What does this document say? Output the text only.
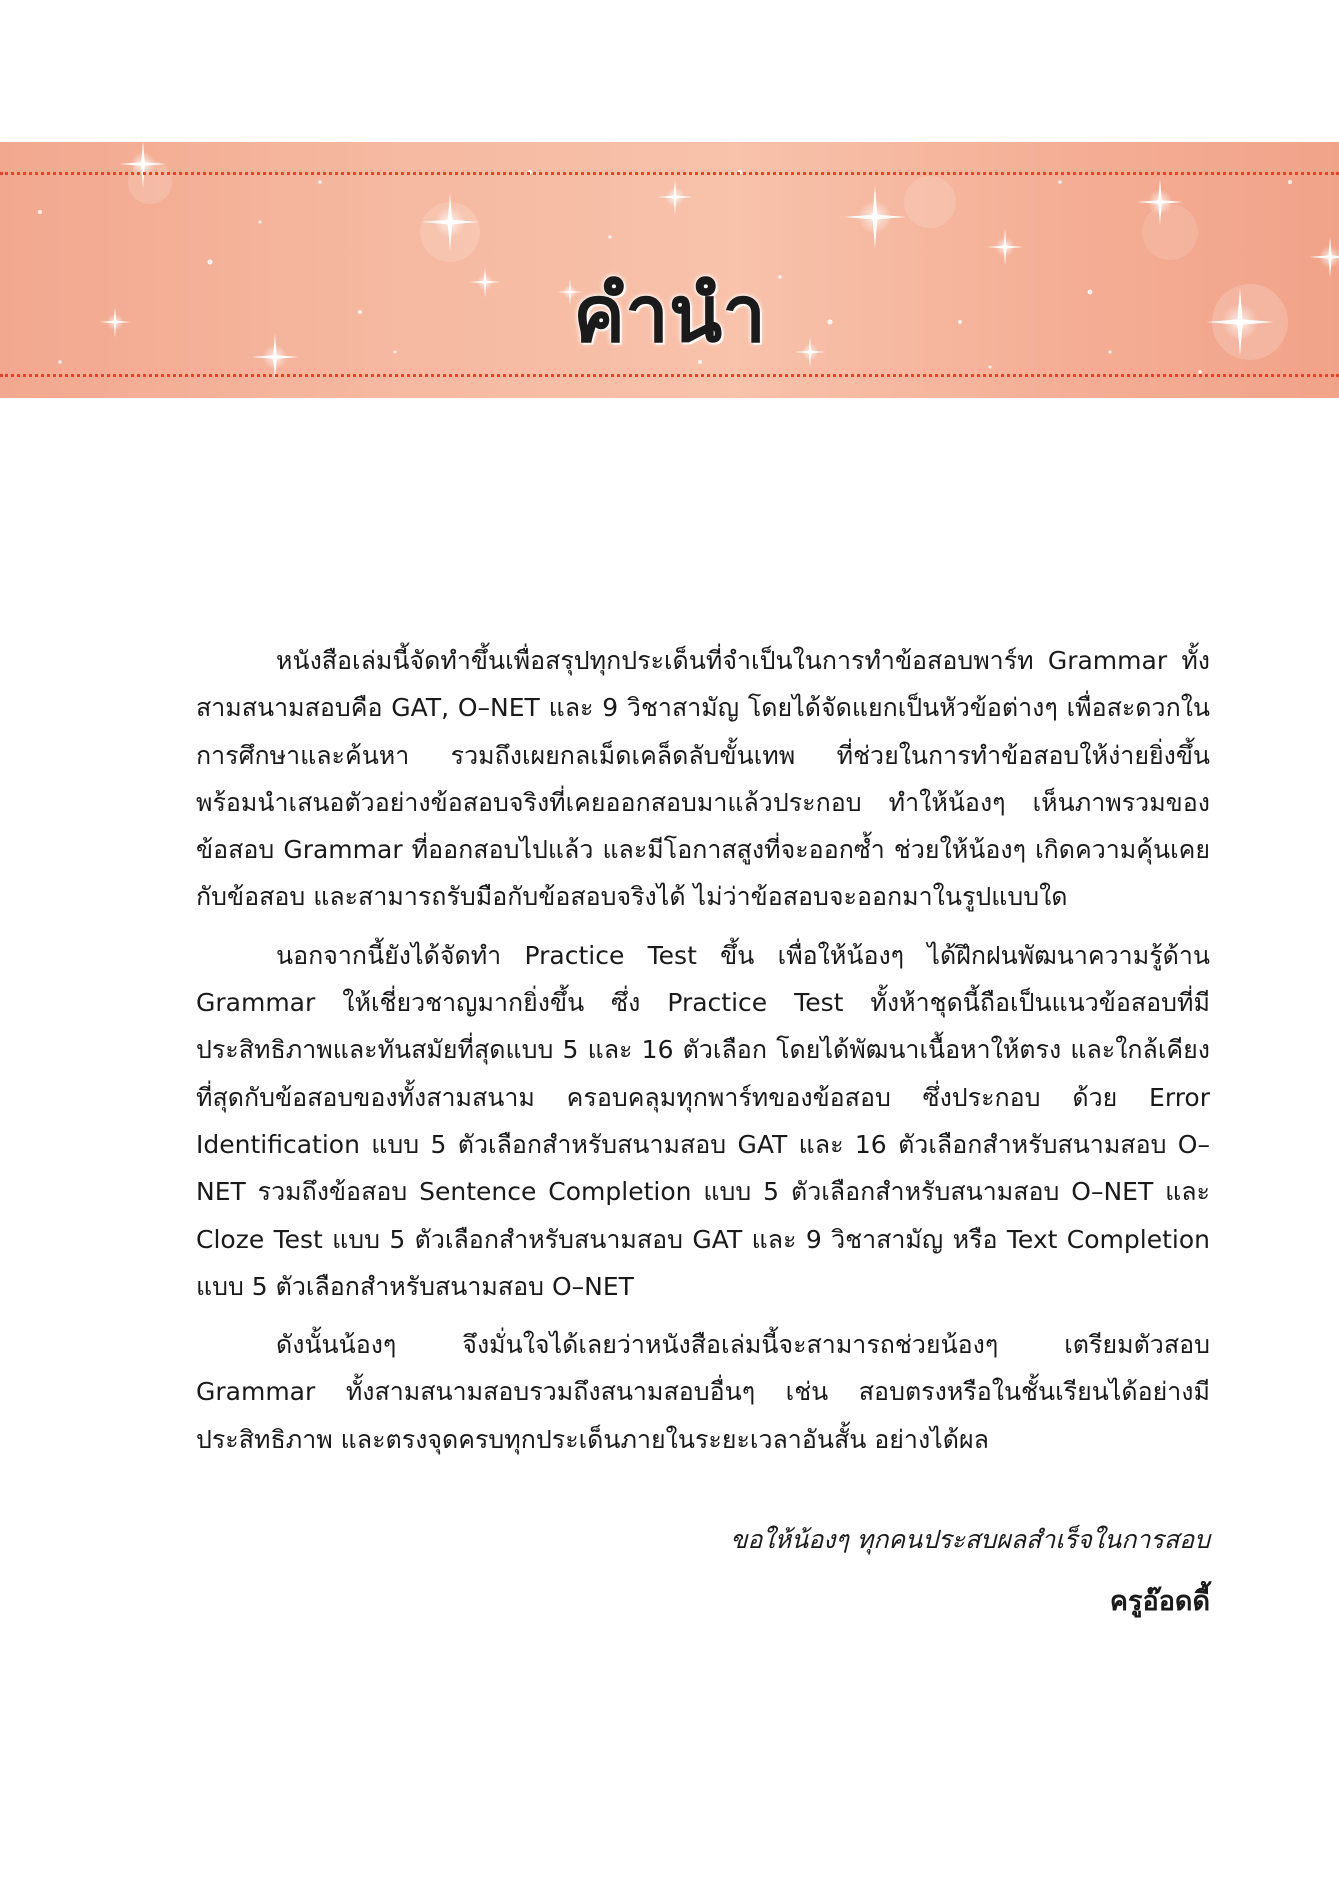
คำนำ

หนังสือเล่มนี้จัดทำขึ้นเพื่อสรุปทุกประเด็นที่จำเป็นในการทำข้อสอบพาร์ท Grammar ทั้งสามสนามสอบคือ GAT, O–NET และ 9 วิชาสามัญ โดยได้จัดแยกเป็นหัวข้อต่างๆ เพื่อสะดวกในการศึกษาและค้นหา รวมถึงเผยกลเม็ดเคล็ดลับขั้นเทพ ที่ช่วยในการทำข้อสอบให้ง่ายยิ่งขึ้น พร้อมนำเสนอตัวอย่างข้อสอบจริงที่เคยออกสอบมาแล้วประกอบ ทำให้น้องๆ เห็นภาพรวมของข้อสอบ Grammar ที่ออกสอบไปแล้ว และมีโอกาสสูงที่จะออกซ้ำ ช่วยให้น้องๆ เกิดความคุ้นเคยกับข้อสอบ และสามารถรับมือกับข้อสอบจริงได้ ไม่ว่าข้อสอบจะออกมาในรูปแบบใด

นอกจากนี้ยังได้จัดทำ Practice Test ขึ้น เพื่อให้น้องๆ ได้ฝึกฝนพัฒนาความรู้ด้าน Grammar ให้เชี่ยวชาญมากยิ่งขึ้น ซึ่ง Practice Test ทั้งห้าชุดนี้ถือเป็นแนวข้อสอบที่มีประสิทธิภาพและทันสมัยที่สุดแบบ 5 และ 16 ตัวเลือก โดยได้พัฒนาเนื้อหาให้ตรง และใกล้เคียงที่สุดกับข้อสอบของทั้งสามสนาม ครอบคลุมทุกพาร์ทของข้อสอบ ซึ่งประกอบ ด้วย Error Identification แบบ 5 ตัวเลือกสำหรับสนามสอบ GAT และ 16 ตัวเลือกสำหรับสนามสอบ O–NET รวมถึงข้อสอบ Sentence Completion แบบ 5 ตัวเลือกสำหรับสนามสอบ O–NET และ Cloze Test แบบ 5 ตัวเลือกสำหรับสนามสอบ GAT และ 9 วิชาสามัญ หรือ Text Completion แบบ 5 ตัวเลือกสำหรับสนามสอบ O–NET

ดังนั้นน้องๆ จึงมั่นใจได้เลยว่าหนังสือเล่มนี้จะสามารถช่วยน้องๆ เตรียมตัวสอบ Grammar ทั้งสามสนามสอบรวมถึงสนามสอบอื่นๆ เช่น สอบตรงหรือในชั้นเรียนได้อย่างมีประสิทธิภาพ และตรงจุดครบทุกประเด็นภายในระยะเวลาอันสั้น อย่างได้ผล

ขอให้น้องๆ ทุกคนประสบผลสำเร็จในการสอบ
ครูอ๊อดดี้
